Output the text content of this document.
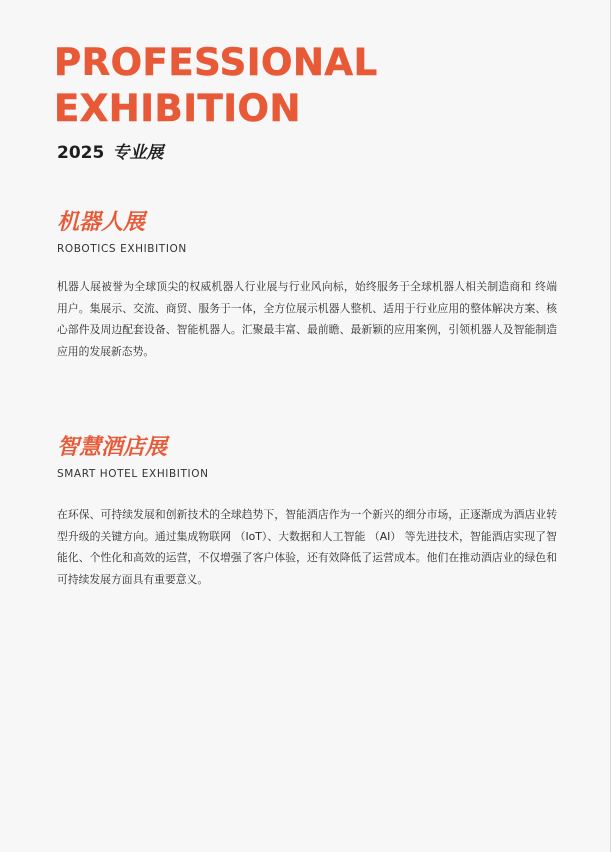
PROFESSIONAL
EXHIBITION
2025 专业展
机器人展

ROBOTICS EXHIBITION

机器人展被誉为全球顶尖的权威机器人行业展与行业风向标，始终服务于全球机器人相关制造商和 终端用户。集展示、交流、商贸、服务于一体，全方位展示机器人整机、适用于行业应用的整体解决方案、核心部件及周边配套设备、智能机器人。汇聚最丰富、最前瞻、最新颖的应用案例，引领机器人及智能制造应用的发展新态势。

智慧酒店展

SMART HOTEL EXHIBITION

在环保、可持续发展和创新技术的全球趋势下，智能酒店作为一个新兴的细分市场，正逐渐成为酒店业转型升级的关键方向。通过集成物联网 （IoT）、大数据和人工智能 （AI） 等先进技术，智能酒店实现了智能化、个性化和高效的运营，不仅增强了客户体验，还有效降低了运营成本。他们在推动酒店业的绿色和可持续发展方面具有重要意义。
